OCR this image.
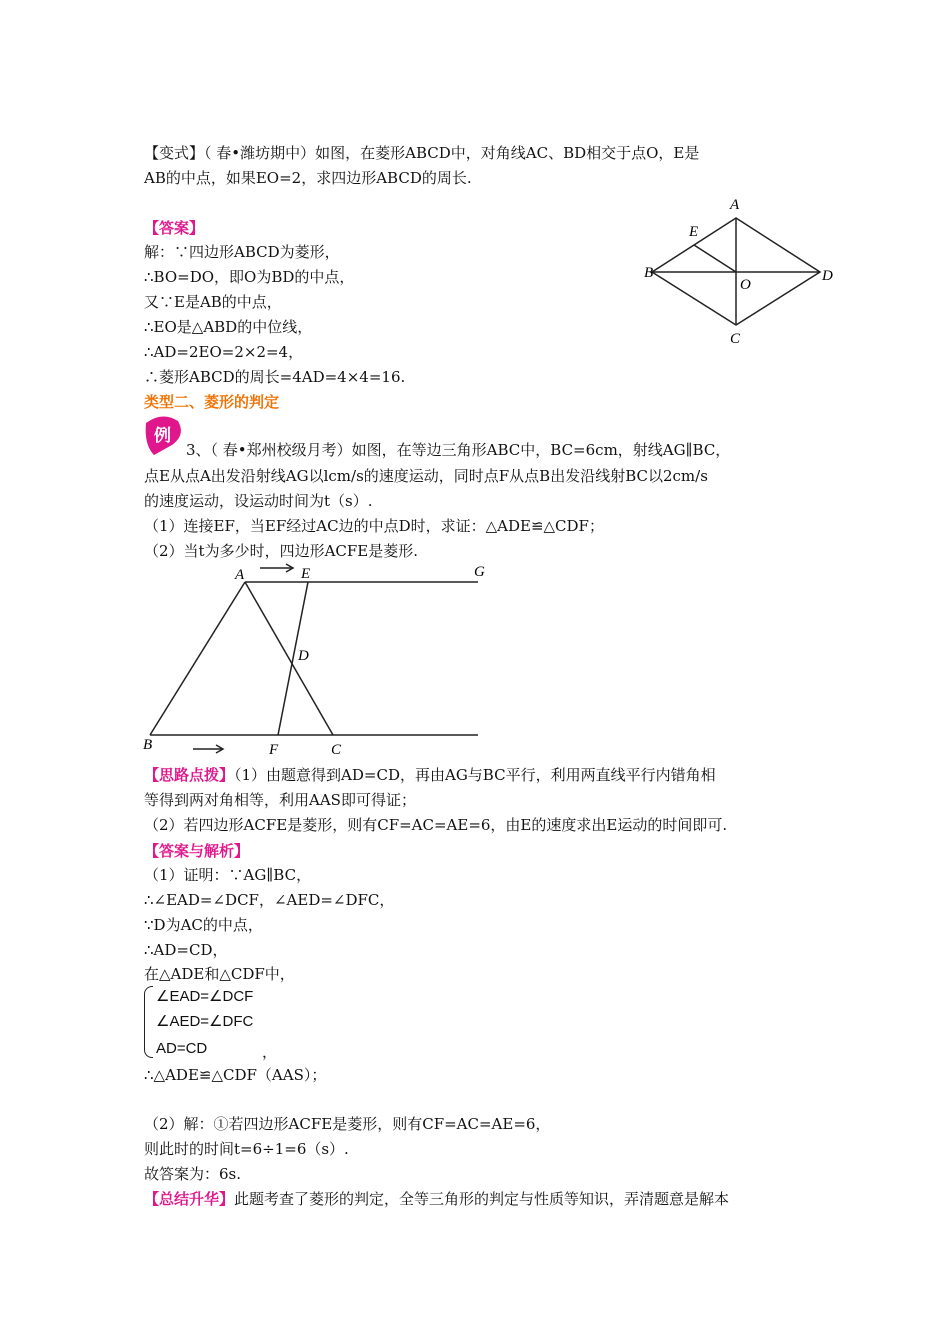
【变式】（ 春•潍坊期中）如图，在菱形ABCD中，对角线AC、BD相交于点O，E是
AB的中点，如果EO=2，求四边形ABCD的周长.
【答案】
解：∵四边形ABCD为菱形，
∴BO=DO，即O为BD的中点，
又∵E是AB的中点，
∴EO是△ABD的中位线，
∴AD=2EO=2×2=4，
∴菱形ABCD的周长=4AD=4×4=16.
类型二、菱形的判定
A
E
B	D
O
C
例
3、（ 春•郑州校级月考）如图，在等边三角形ABC中，BC=6cm，射线AG∥BC，
点E从点A出发沿射线AG以lcm/s的速度运动，同时点F从点B出发沿线射BC以2cm/s
的速度运动，设运动时间为t（s）.
（1）连接EF，当EF经过AC边的中点D时，求证：△ADE≌△CDF；
（2）当t为多少时，四边形ACFE是菱形.
A	E	G
D
B	F	C
【思路点拨】（1）由题意得到AD=CD，再由AG与BC平行，利用两直线平行内错角相
等得到两对角相等，利用AAS即可得证；
（2）若四边形ACFE是菱形，则有CF=AC=AE=6，由E的速度求出E运动的时间即可.
【答案与解析】
（1）证明：∵AG∥BC，
∴∠EAD=∠DCF，∠AED=∠DFC，
∵D为AC的中点，
∴AD=CD，
在△ADE和△CDF中，
∠EAD=∠DCF
∠AED=∠DFC
AD=CD	，
∴△ADE≌△CDF（AAS）；
（2）解：①若四边形ACFE是菱形，则有CF=AC=AE=6，
则此时的时间t=6÷1=6（s）.
故答案为：6s.
【总结升华】此题考查了菱形的判定，全等三角形的判定与性质等知识，弄清题意是解本
